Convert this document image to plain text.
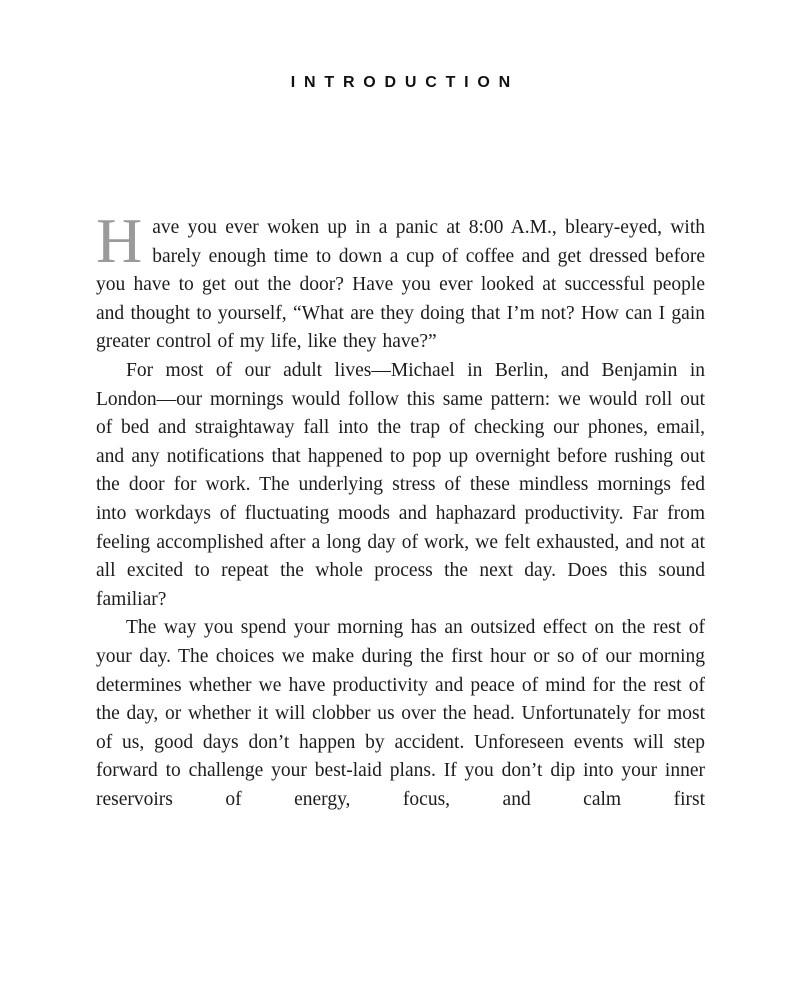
INTRODUCTION

Have you ever woken up in a panic at 8:00 A.M., bleary-eyed, with barely enough time to down a cup of coffee and get dressed before you have to get out the door? Have you ever looked at successful people and thought to yourself, “What are they doing that I’m not? How can I gain greater control of my life, like they have?”

For most of our adult lives—Michael in Berlin, and Benjamin in London—our mornings would follow this same pattern: we would roll out of bed and straightaway fall into the trap of checking our phones, email, and any notifications that happened to pop up overnight before rushing out the door for work. The underlying stress of these mindless mornings fed into workdays of fluctuating moods and haphazard productivity. Far from feeling accomplished after a long day of work, we felt exhausted, and not at all excited to repeat the whole process the next day. Does this sound familiar?

The way you spend your morning has an outsized effect on the rest of your day. The choices we make during the first hour or so of our morning determines whether we have productivity and peace of mind for the rest of the day, or whether it will clobber us over the head. Unfortunately for most of us, good days don’t happen by accident. Unforeseen events will step forward to challenge your best-laid plans. If you don’t dip into your inner reservoirs of energy, focus, and calm first
